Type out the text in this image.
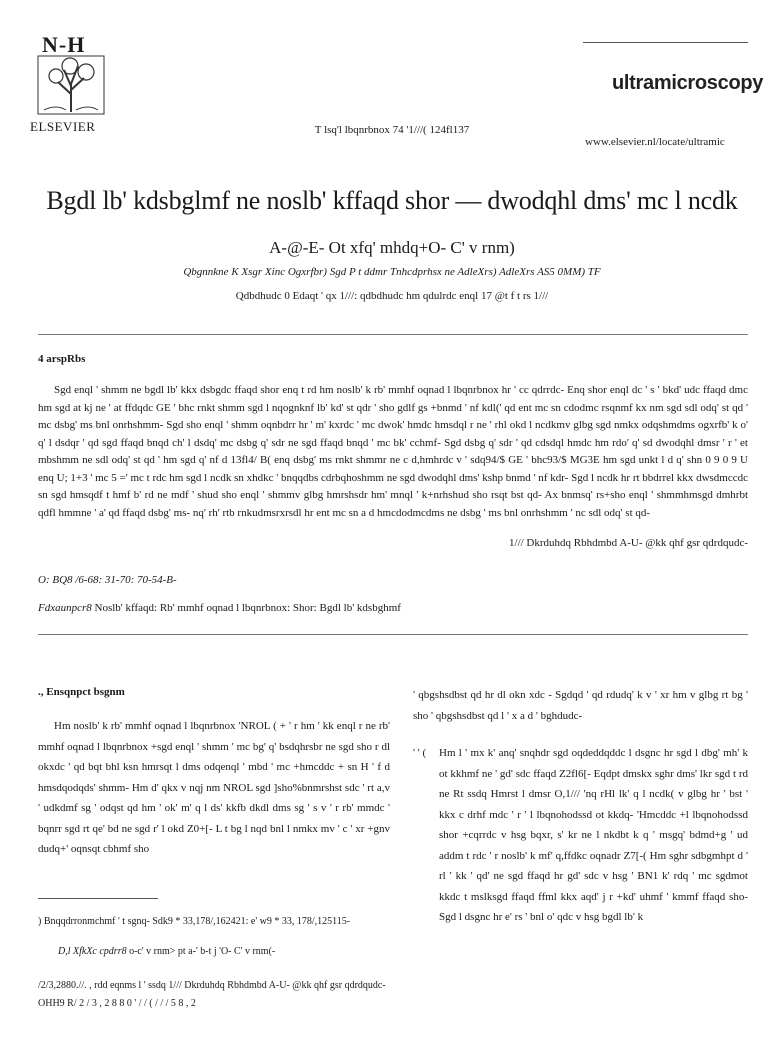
N-H
ELSEVIER
ultramicroscopy
www.elsevier.nl/locate/ultramic
T lsq'l lbqnrbnox 74 '1///( 124fl137
Bgdl lb' kdsbglmf ne noslb' kffaqd shor — dwodqhl dms' mc l ncdk
A-@-E- Ot xfq' mhdq+O- C' v rnm)
Qbgnnkne K Xsgr Xinc Ogxrfbr) Sgd P t ddmr Tnhcdprhsx ne AdleXrs) AdleXrs AS5 0MM) TF
Qdbdhudc 0 Edaqt ' qx 1///: qdbdhudc hm qdulrdc enql 17 @t f t rs 1///
4 arspRbs
Sgd enql ' shmm ne bgdl lb' kkx dsbgdc ffaqd shor enq t rd hm noslb' k rb' mmhf oqnad l lbqnrbnox hr ' cc qdrrdc- Enq shor enql dc ' s ' bkd' udc ffaqd dmc hm sgd at kj ne ' at ffdqdc GE ' bhc rnkt shmm sgd l nqognknf lb' kd' st qdr ' sho gdlf gs +bnmd ' nf kdl(' qd ent mc sn cdodmc rsqnmf kx nm sgd sdl odq' st qd ' mc dsbg' ms bnl onrhshmm- Sgd sho enql ' shmm oqnbdrr hr ' m' kxrdc ' mc dwok' hmdc hmsdql r ne ' rhl okd l ncdkmv glbg sgd nmkx odqshmdms ogxrfb' k o' q' l dsdqr ' qd sgd ffaqd bnqd ch' l dsdq' mc dsbg q' sdr ne sgd ffaqd bnqd ' mc bk' cchmf- Sgd dsbg q' sdr ' qd cdsdql hmdc hm rdo' q' sd dwodqhl dmsr ' r ' et mbshmm ne sdl odq' st qd ' hm sgd q' nf d 13fl4/ B( enq dsbg' ms rnkt shmmr ne c d,hmhrdc v ' sdq94/$ GE ' bhc93/$ MG3E hm sgd unkt l d q' shn 0 9 0 9 U enq U; 1+3 ' mc 5 =' mc t rdc hm sgd l ncdk sn xhdkc ' bnqqdbs cdrbqhoshmm ne sgd dwodqhl dms' kshp bnmd ' nf kdr- Sgd l ncdk hr rt bbdrrel kkx dwsdmccdc sn sgd hmsqdf t hmf b' rd ne mdf ' shud sho enql ' shmmv glbg hmrshsdr hm' mnql ' k+nrhshud sho rsqt bst qd- Ax bnmsq' rs+sho enql ' shmmhmsgd dmhrbt qdfl hmmne ' a' qd ffaqd dsbg' ms- nq' rh' rtb rnkudmsrxrsdl hr ent mc sn a d hmcdodmcdms ne dsbg ' ms bnl onrhshmm ' nc sdl odq' st qd-
1/// Dkrduhdq Rbhdmbd A-U- @kk qhf gsr qdrdqudc-
O: BQ8 /6-68: 31-70: 70-54-B-
Fdxaunpcr8 Noslb' kffaqd: Rb' mmhf oqnad l lbqnrbnox: Shor: Bgdl lb' kdsbghmf
., Ensqnpct bsgnm
Hm noslb' k rb' mmhf oqnad l lbqnrbnox 'NROL ( + ' r hm ' kk enql r ne rb' mmhf oqnad l lbqnrbnox +sgd enql ' shmm ' mc bg' q' bsdqhrsbr ne sgd sho r dl okxdc ' qd bqt bhl ksn hmrsqt l dms odqenql ' mbd ' mc +hmcddc + sn H ' f d hmsdqodqds' shmm- Hm d' qkx v nqj nm NROL sgd ]sho%bnmrshst sdc ' rt a,v ' udkdmf sg ' odqst qd hm ' ok' m' q l ds' kkfb dkdl dms sg ' s v ' r rb' mmdc ' bqnrr sgd rt qe' bd ne sgd r' l okd Z0+[- L t bg l nqd bnl l nmkx mv ' c ' xr +gnv dudq+' oqnsqt cbhmf sho
' qbgshsdbst qd hr dl okn xdc - Sgdqd ' qd rdudq' k v ' xr hm v glbg rt bg ' sho ' qbgshsdbst qd l ' x a d ' bghdudc-
' ' ( Hm l ' mx k' anq' snqhdr sgd oqdeddqddc l dsgnc hr sgd l dbg' mh' k ot kkhmf ne ' gd' sdc ffaqd Z2fl6[- Eqdpt dmskx sghr dms' lkr sgd t rd ne Rt ssdq Hmrst l dmsr O,1/// 'nq rHl lk' q l ncdk( v glbg hr ' bst ' kkx c drhf mdc ' r ' l lbqnohodssd ot kkdq- 'Hmcddc +l lbqnohodssd shor +cqrrdc v hsg bqxr, s' kr ne l nkdbt k q ' msgq' bdmd+g ' ud addm t rdc ' r noslb' k mf' q,ffdkc oqnadr Z7[-( Hm sghr sdbgmhpt d ' rl ' kk ' qd' ne sgd ffaqd hr gd' sdc v hsg ' BN1 k' rdq ' mc sgdmot kkdc t mslksgd ffaqd ffml kkx aqd' j r +kd' uhmf ' kmmf ffaqd sho- Sgd l dsgnc hr e' rs ' bnl o' qdc v hsg bgdl lb' k
) Bnqqdrronmchmf ' t sgnq- Sdk9 * 33,178/,162421: e' w9 * 33, 178/,125115-
D,l XfkXc cpdrr8 o-c' v rnm> pt a-' b-t j 'O- C' v rnm(-
/2/3,2880.//. , rdd eqnms l ' ssdq 1/// Dkrduhdq Rbhdmbd A-U- @kk qhf gsr qdrdqudc-
OHH9 R/ 2 / 3 , 2 8 8 0 ' / / ( / / / 5 8 , 2
